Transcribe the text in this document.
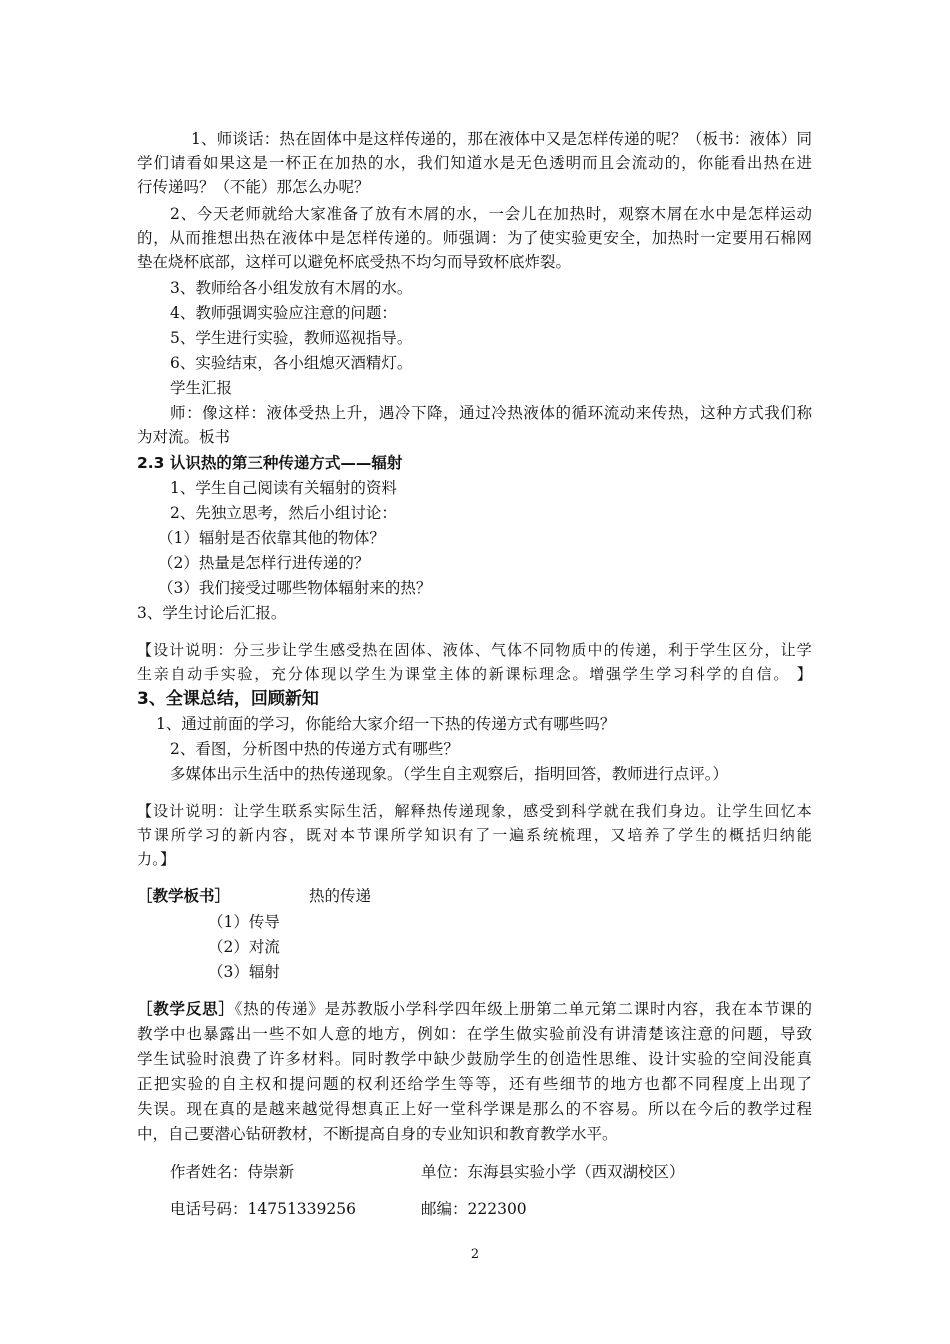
1、师谈话：热在固体中是这样传递的，那在液体中又是怎样传递的呢？（板书：液体）同
学们请看如果这是一杯正在加热的水，我们知道水是无色透明而且会流动的，你能看出热在进
行传递吗？（不能）那怎么办呢？
2、今天老师就给大家准备了放有木屑的水，一会儿在加热时，观察木屑在水中是怎样运动
的，从而推想出热在液体中是怎样传递的。师强调：为了使实验更安全，加热时一定要用石棉网
垫在烧杯底部，这样可以避免杯底受热不均匀而导致杯底炸裂。
3、教师给各小组发放有木屑的水。
4、教师强调实验应注意的问题：
5、学生进行实验，教师巡视指导。
6、实验结束，各小组熄灭酒精灯。
学生汇报
师：像这样：液体受热上升，遇冷下降，通过冷热液体的循环流动来传热，这种方式我们称
为对流。板书
2.3 认识热的第三种传递方式——辐射
1、学生自己阅读有关辐射的资料
2、先独立思考，然后小组讨论：
（1）辐射是否依靠其他的物体？
（2）热量是怎样行进传递的？
（3）我们接受过哪些物体辐射来的热？
3、学生讨论后汇报。
【设计说明：分三步让学生感受热在固体、液体、气体不同物质中的传递，利于学生区分，让学
生亲自动手实验，充分体现以学生为课堂主体的新课标理念。增强学生学习科学的自信。 】
3、全课总结，回顾新知
1、通过前面的学习，你能给大家介绍一下热的传递方式有哪些吗？
2、看图，分析图中热的传递方式有哪些？
多媒体出示生活中的热传递现象。（学生自主观察后，指明回答，教师进行点评。）
【设计说明：让学生联系实际生活，解释热传递现象，感受到科学就在我们身边。让学生回忆本
节课所学习的新内容，既对本节课所学知识有了一遍系统梳理，又培养了学生的概括归纳能
力。】
［教学板书］	热的传递
（1）传导
（2）对流
（3）辐射
［教学反思］《热的传递》是苏教版小学科学四年级上册第二单元第二课时内容，我在本节课的
教学中也暴露出一些不如人意的地方，例如：在学生做实验前没有讲清楚该注意的问题，导致
学生试验时浪费了许多材料。同时教学中缺少鼓励学生的创造性思维、设计实验的空间没能真
正把实验的自主权和提问题的权利还给学生等等，还有些细节的地方也都不同程度上出现了
失误。现在真的是越来越觉得想真正上好一堂科学课是那么的不容易。所以在今后的教学过程
中，自己要潜心钻研教材，不断提高自身的专业知识和教育教学水平。
作者姓名：侍崇新	单位：东海县实验小学（西双湖校区）
电话号码：14751339256	邮编：222300
2
